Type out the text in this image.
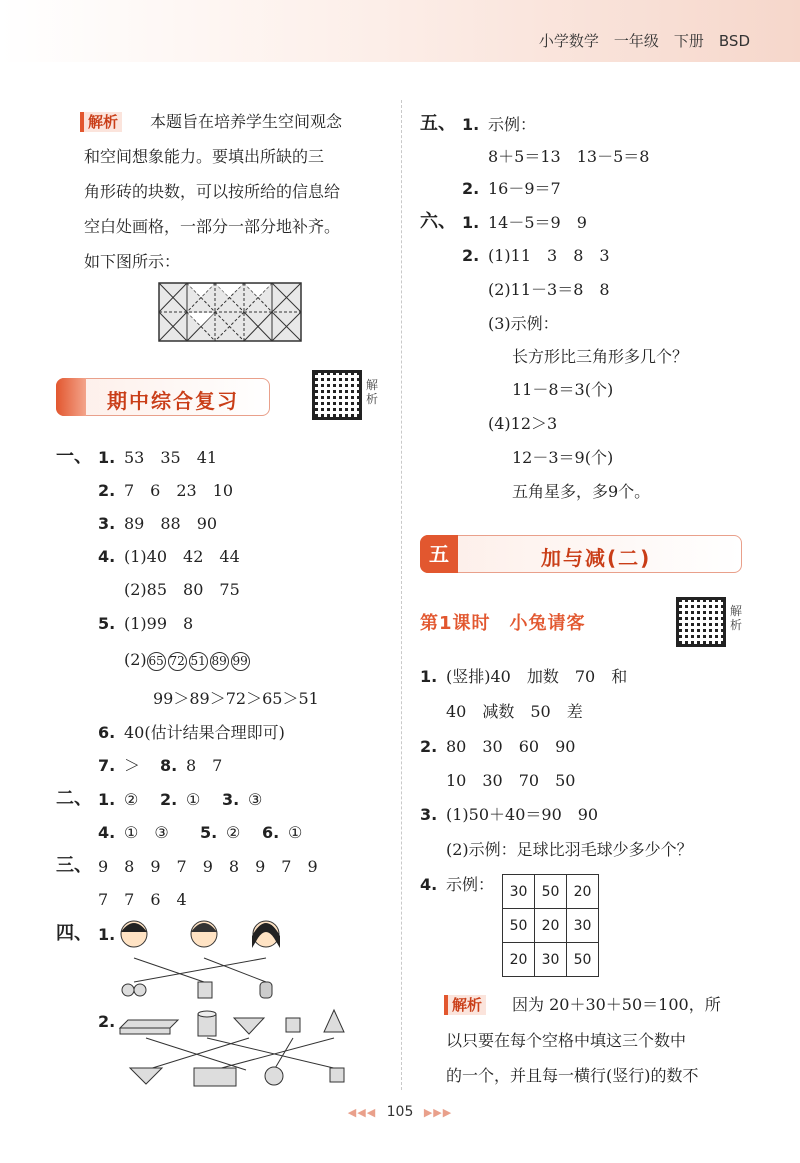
小学数学　一年级　下册　BSD
解析 本题旨在培养学生空间观念
和空间想象能力。要填出所缺的三
角形砖的块数，可以按所给的信息给
空白处画格，一部分一部分地补齐。
如下图所示：
期中综合复习
解析
一、 1. 53　35　41
2. 7　6　23　10
3. 89　88　90
4. (1)40　42　44
(2)85　80　75
5. (1)99　8
(2) 65 72 51 89 99
99＞89＞72＞65＞51
6. 40(估计结果合理即可)
7. ＞ 8. 8　7
二、 1. ② 2. ① 3. ③
4. ①　③ 5. ② 6. ①
三、 9　8　9　7　9　8　9　7　9
7　7　6　4
四、 1.
2.
五、 1. 示例：
8＋5＝13　13－5＝8
2. 16－9＝7
六、 1. 14－5＝9　9
2. (1)11　3　8　3
(2)11－3＝8　8
(3)示例：
长方形比三角形多几个？
11－8＝3(个)
(4)12＞3
12－3＝9(个)
五角星多，多9个。
五	加与减(二)
第1课时　小兔请客
解析
1. (竖排)40　加数　70　和
40　减数　50　差
2. 80　30　60　90
10　30　70　50
3. (1)50＋40＝90　90
(2)示例：足球比羽毛球少多少个？
4. 示例： 30	50	20
50	20	30
20	30	50
解析 因为 20＋30＋50＝100，所
以只要在每个空格中填这三个数中
的一个，并且每一横行(竖行)的数不
◀◀◀ 105 ▶▶▶
